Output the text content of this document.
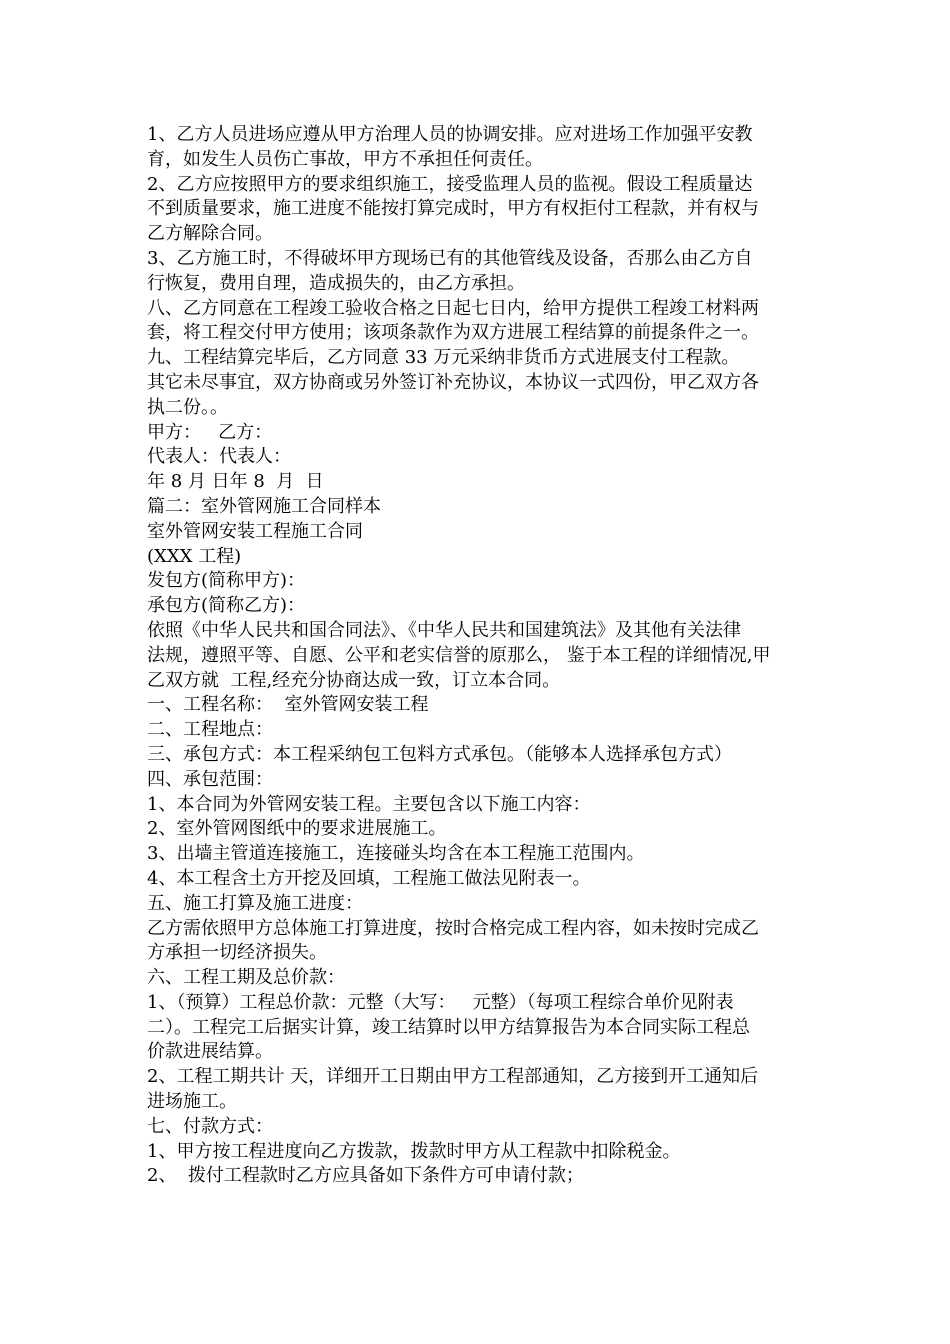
1、乙方人员进场应遵从甲方治理人员的协调安排。应对进场工作加强平安教

育，如发生人员伤亡事故，甲方不承担任何责任。

2、乙方应按照甲方的要求组织施工，接受监理人员的监视。假设工程质量达

不到质量要求，施工进度不能按打算完成时，甲方有权拒付工程款，并有权与

乙方解除合同。

3、乙方施工时，不得破坏甲方现场已有的其他管线及设备，否那么由乙方自

行恢复，费用自理，造成损失的，由乙方承担。

八、乙方同意在工程竣工验收合格之日起七日内，给甲方提供工程竣工材料两

套，将工程交付甲方使用；该项条款作为双方进展工程结算的前提条件之一。

九、工程结算完毕后，乙方同意 33 万元采纳非货币方式进展支付工程款。

其它未尽事宜，双方协商或另外签订补充协议，本协议一式四份，甲乙双方各

执二份。。

甲方：   乙方：

代表人：代表人：

年 8 月 日年 8  月  日

篇二：室外管网施工合同样本

室外管网安装工程施工合同

(XXX 工程)

发包方(简称甲方)：

承包方(简称乙方)：

依照《中华人民共和国合同法》、《中华人民共和国建筑法》及其他有关法律

法规，遵照平等、自愿、公平和老实信誉的原那么， 鉴于本工程的详细情况,甲

乙双方就  工程,经充分协商达成一致，订立本合同。

一、工程名称：  室外管网安装工程

二、工程地点：

三、承包方式：本工程采纳包工包料方式承包。（能够本人选择承包方式）

四、承包范围：

1、本合同为外管网安装工程。主要包含以下施工内容：

2、室外管网图纸中的要求进展施工。

3、出墙主管道连接施工，连接碰头均含在本工程施工范围内。

4、本工程含土方开挖及回填，工程施工做法见附表一。

五、施工打算及施工进度：

乙方需依照甲方总体施工打算进度，按时合格完成工程内容，如未按时完成乙

方承担一切经济损失。

六、工程工期及总价款：

1、（预算）工程总价款：元整（大写：   元整）（每项工程综合单价见附表

二）。工程完工后据实计算，竣工结算时以甲方结算报告为本合同实际工程总

价款进展结算。

2、工程工期共计 天，详细开工日期由甲方工程部通知，乙方接到开工通知后

进场施工。

七、付款方式：

1、甲方按工程进度向乙方拨款，拨款时甲方从工程款中扣除税金。

2、  拨付工程款时乙方应具备如下条件方可申请付款；
